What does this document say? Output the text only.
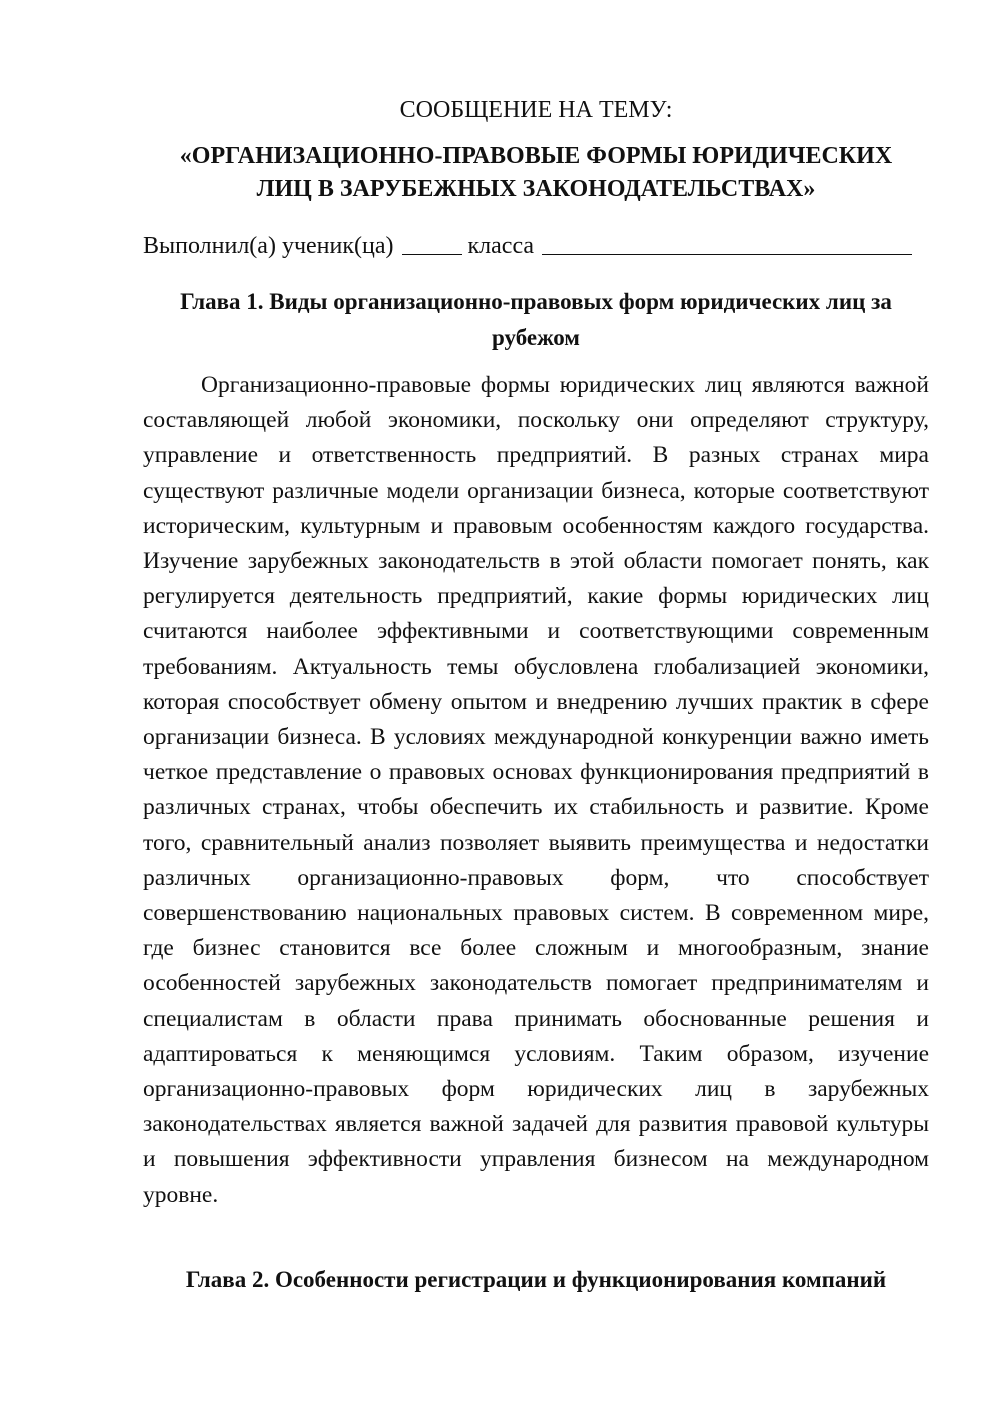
СООБЩЕНИЕ НА ТЕМУ:
«ОРГАНИЗАЦИОННО-ПРАВОВЫЕ ФОРМЫ ЮРИДИЧЕСКИХ
ЛИЦ В ЗАРУБЕЖНЫХ ЗАКОНОДАТЕЛЬСТВАХ»
Выполнил(а) ученик(ца)	класса
Глава 1. Виды организационно-правовых форм юридических лиц за
рубежом

Организационно-правовые формы юридических лиц являются важной составляющей любой экономики, поскольку они определяют структуру, управление и ответственность предприятий. В разных странах мира существуют различные модели организации бизнеса, которые соответствуют историческим, культурным и правовым особенностям каждого государства. Изучение зарубежных законодательств в этой области помогает понять, как регулируется деятельность предприятий, какие формы юридических лиц считаются наиболее эффективными и соответствующими современным требованиям. Актуальность темы обусловлена глобализацией экономики, которая способствует обмену опытом и внедрению лучших практик в сфере организации бизнеса. В условиях международной конкуренции важно иметь четкое представление о правовых основах функционирования предприятий в различных странах, чтобы обеспечить их стабильность и развитие. Кроме того, сравнительный анализ позволяет выявить преимущества и недостатки различных организационно-правовых форм, что способствует совершенствованию национальных правовых систем. В современном мире, где бизнес становится все более сложным и многообразным, знание особенностей зарубежных законодательств помогает предпринимателям и специалистам в области права принимать обоснованные решения и адаптироваться к меняющимся условиям. Таким образом, изучение организационно-правовых форм юридических лиц в зарубежных законодательствах является важной задачей для развития правовой культуры и повышения эффективности управления бизнесом на международном уровне.

Глава 2. Особенности регистрации и функционирования компаний
